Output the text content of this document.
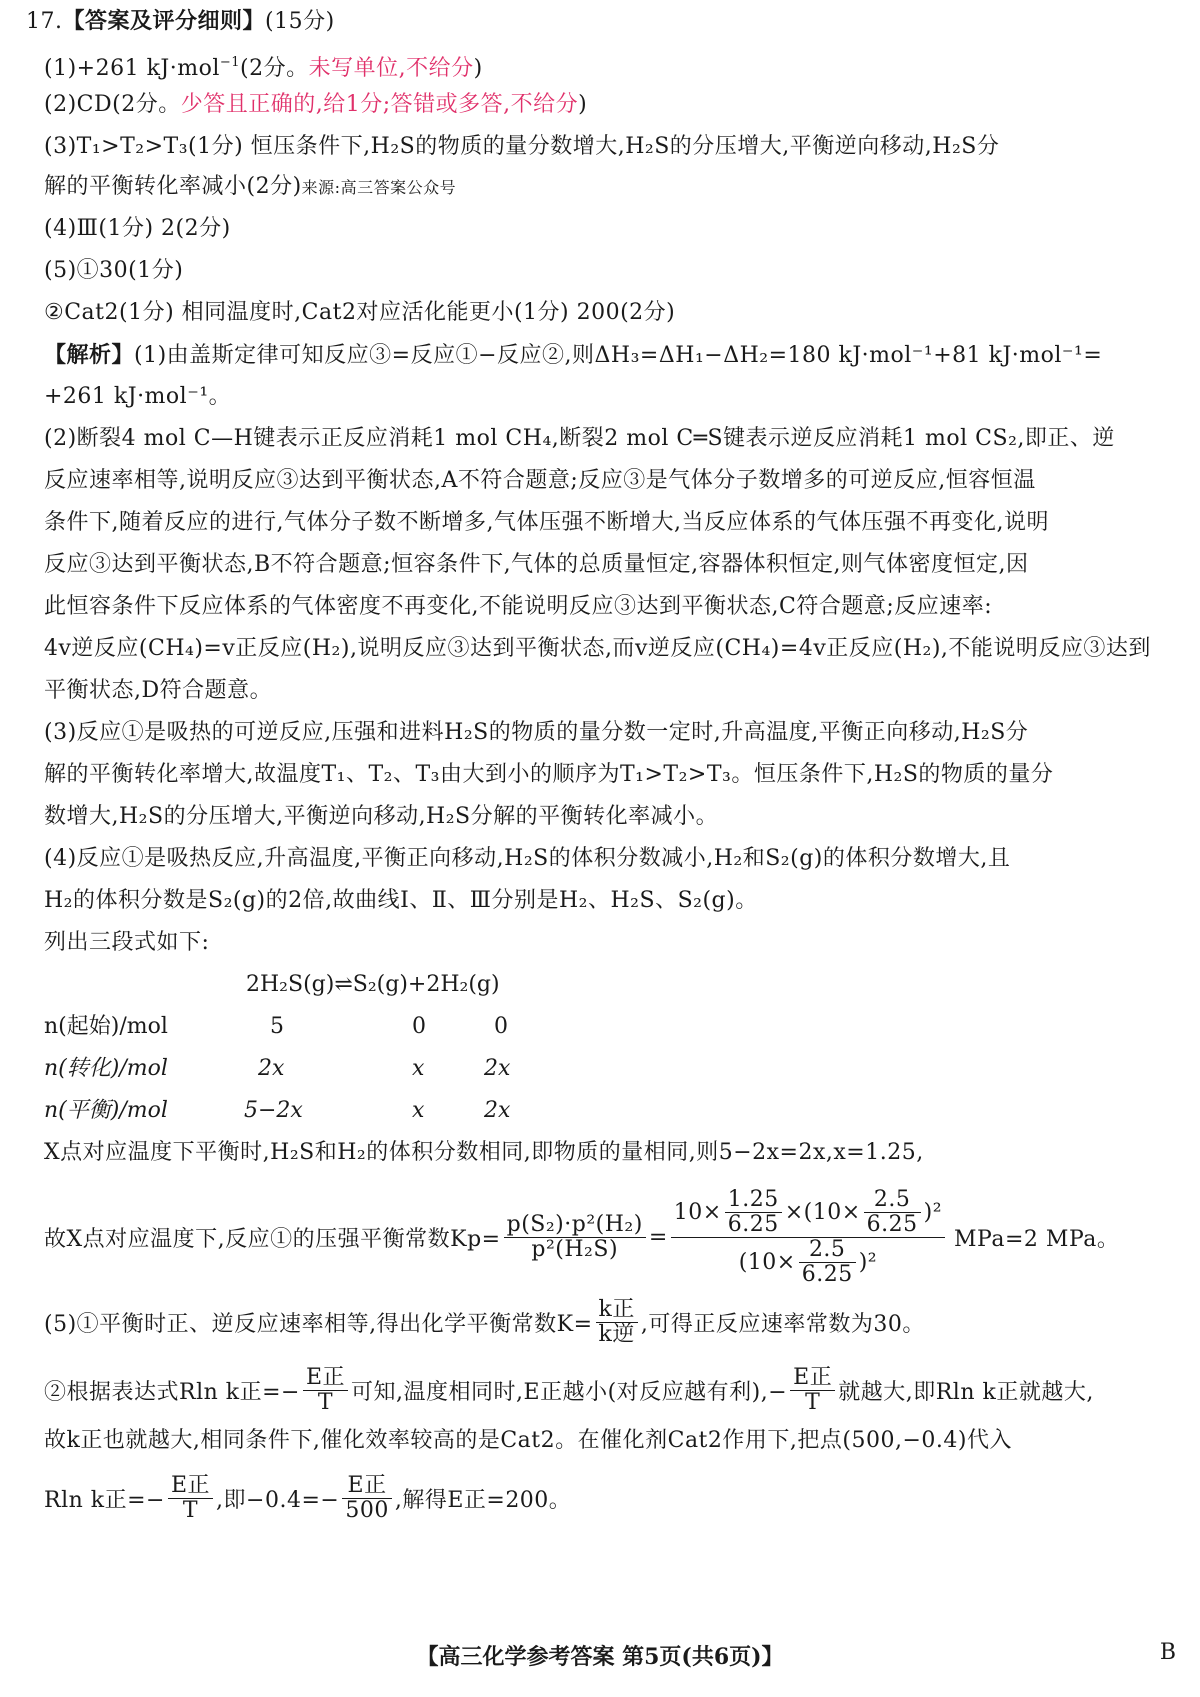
17.【答案及评分细则】(15分)
(1)+261 kJ·mol$^{-1}$(2分。未写单位,不给分)
(2)CD(2分。少答且正确的,给1分;答错或多答,不给分)
(3)T₁>T₂>T₃(1分) 恒压条件下,H₂S的物质的量分数增大,H₂S的分压增大,平衡逆向移动,H₂S分
解的平衡转化率减小(2分)来源:高三答案公众号
(4)Ⅲ(1分) 2(2分)
(5)①30(1分)
②Cat2(1分) 相同温度时,Cat2对应活化能更小(1分) 200(2分)
【解析】(1)由盖斯定律可知反应③=反应①−反应②,则ΔH₃=ΔH₁−ΔH₂=180 kJ·mol⁻¹+81 kJ·mol⁻¹=
+261 kJ·mol⁻¹。
(2)断裂4 mol C—H键表示正反应消耗1 mol CH₄,断裂2 mol C═S键表示逆反应消耗1 mol CS₂,即正、逆
反应速率相等,说明反应③达到平衡状态,A不符合题意;反应③是气体分子数增多的可逆反应,恒容恒温
条件下,随着反应的进行,气体分子数不断增多,气体压强不断增大,当反应体系的气体压强不再变化,说明
反应③达到平衡状态,B不符合题意;恒容条件下,气体的总质量恒定,容器体积恒定,则气体密度恒定,因
此恒容条件下反应体系的气体密度不再变化,不能说明反应③达到平衡状态,C符合题意;反应速率:
4v逆反应(CH₄)=v正反应(H₂),说明反应③达到平衡状态,而v逆反应(CH₄)=4v正反应(H₂),不能说明反应③达到
平衡状态,D符合题意。
(3)反应①是吸热的可逆反应,压强和进料H₂S的物质的量分数一定时,升高温度,平衡正向移动,H₂S分
解的平衡转化率增大,故温度T₁、T₂、T₃由大到小的顺序为T₁>T₂>T₃。恒压条件下,H₂S的物质的量分
数增大,H₂S的分压增大,平衡逆向移动,H₂S分解的平衡转化率减小。
(4)反应①是吸热反应,升高温度,平衡正向移动,H₂S的体积分数减小,H₂和S₂(g)的体积分数增大,且
H₂的体积分数是S₂(g)的2倍,故曲线Ⅰ、Ⅱ、Ⅲ分别是H₂、H₂S、S₂(g)。
列出三段式如下:
2H₂S(g)⇌S₂(g)+2H₂(g)
n(起始)/mol	5	0	0
n(转化)/mol	2x	x	2x
n(平衡)/mol	5−2x	x	2x
X点对应温度下平衡时,H₂S和H₂的体积分数相同,即物质的量相同,则5−2x=2x,x=1.25,
故X点对应温度下,反应①的压强平衡常数$Kp= \frac{\text{p(S₂)·p²(H₂)}}{\text{p²(H₂S)}}$ =
$10\times \frac{1.25}{6.25} \times(10\times \frac{2.5}{6.25} )^2$
$(10\times \frac{2.5}{6.25} )^2$
MPa=2 MPa。
(5)①平衡时正、逆反应速率相等,得出化学平衡常数$K= \frac{\text{k正}}{\text{k逆}}$ ,可得正反应速率常数为30。
②根据表达式Rln k正=− $\frac{\text{E正}}{T}$ 可知,温度相同时,E正越小(对反应越有利),− $\frac{\text{E正}}{T}$ 就越大,即Rln k正就越大,
故k正也就越大,相同条件下,催化效率较高的是Cat2。在催化剂Cat2作用下,把点(500,−0.4)代入
Rln k正=− $\frac{\text{E正}}{T}$ ,即$-0.4=- \frac{\text{E正}}{500}$ ,解得E正=200。
【高三化学参考答案 第5页(共6页)】	B
